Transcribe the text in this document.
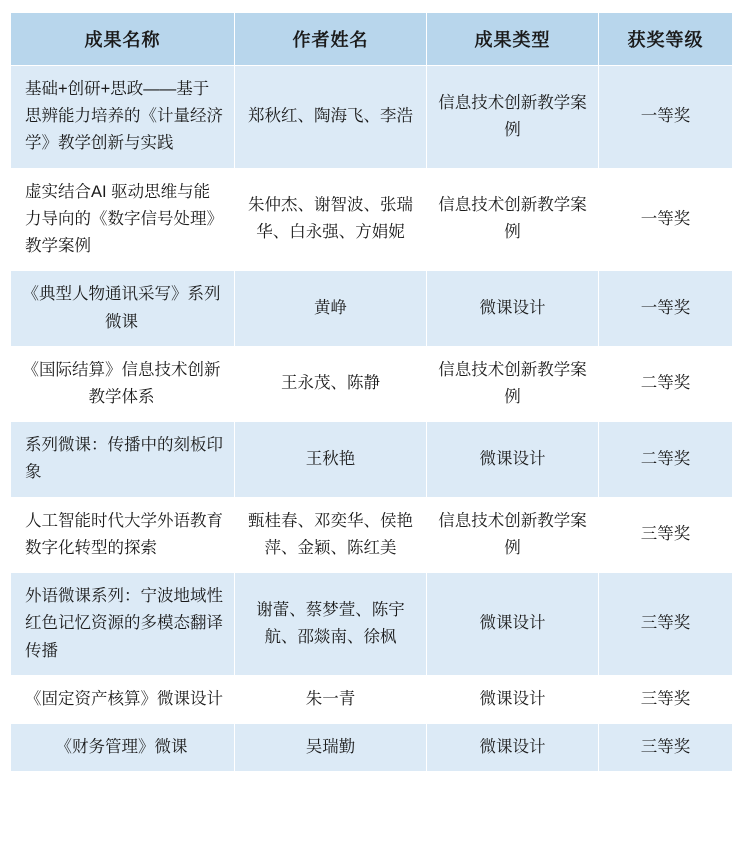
成果名称	作者姓名	成果类型	获奖等级
基础+创研+思政——基于思辨能力培养的《计量经济学》教学创新与实践	郑秋红、陶海飞、李浩	信息技术创新教学案例	一等奖
虚实结合AI 驱动思维与能力导向的《数字信号处理》教学案例	朱仲杰、谢智波、张瑞华、白永强、方娟妮	信息技术创新教学案例	一等奖
《典型人物通讯采写》系列微课	黄峥	微课设计	一等奖
《国际结算》信息技术创新教学体系	王永茂、陈静	信息技术创新教学案例	二等奖
系列微课：传播中的刻板印象	王秋艳	微课设计	二等奖
人工智能时代大学外语教育数字化转型的探索	甄桂春、邓奕华、侯艳萍、金颖、陈红美	信息技术创新教学案例	三等奖
外语微课系列：宁波地域性红色记忆资源的多模态翻译传播	谢蕾、蔡梦萱、陈宇航、邵燚南、徐枫	微课设计	三等奖
《固定资产核算》微课设计	朱一青	微课设计	三等奖
《财务管理》微课	吴瑞勤	微课设计	三等奖
